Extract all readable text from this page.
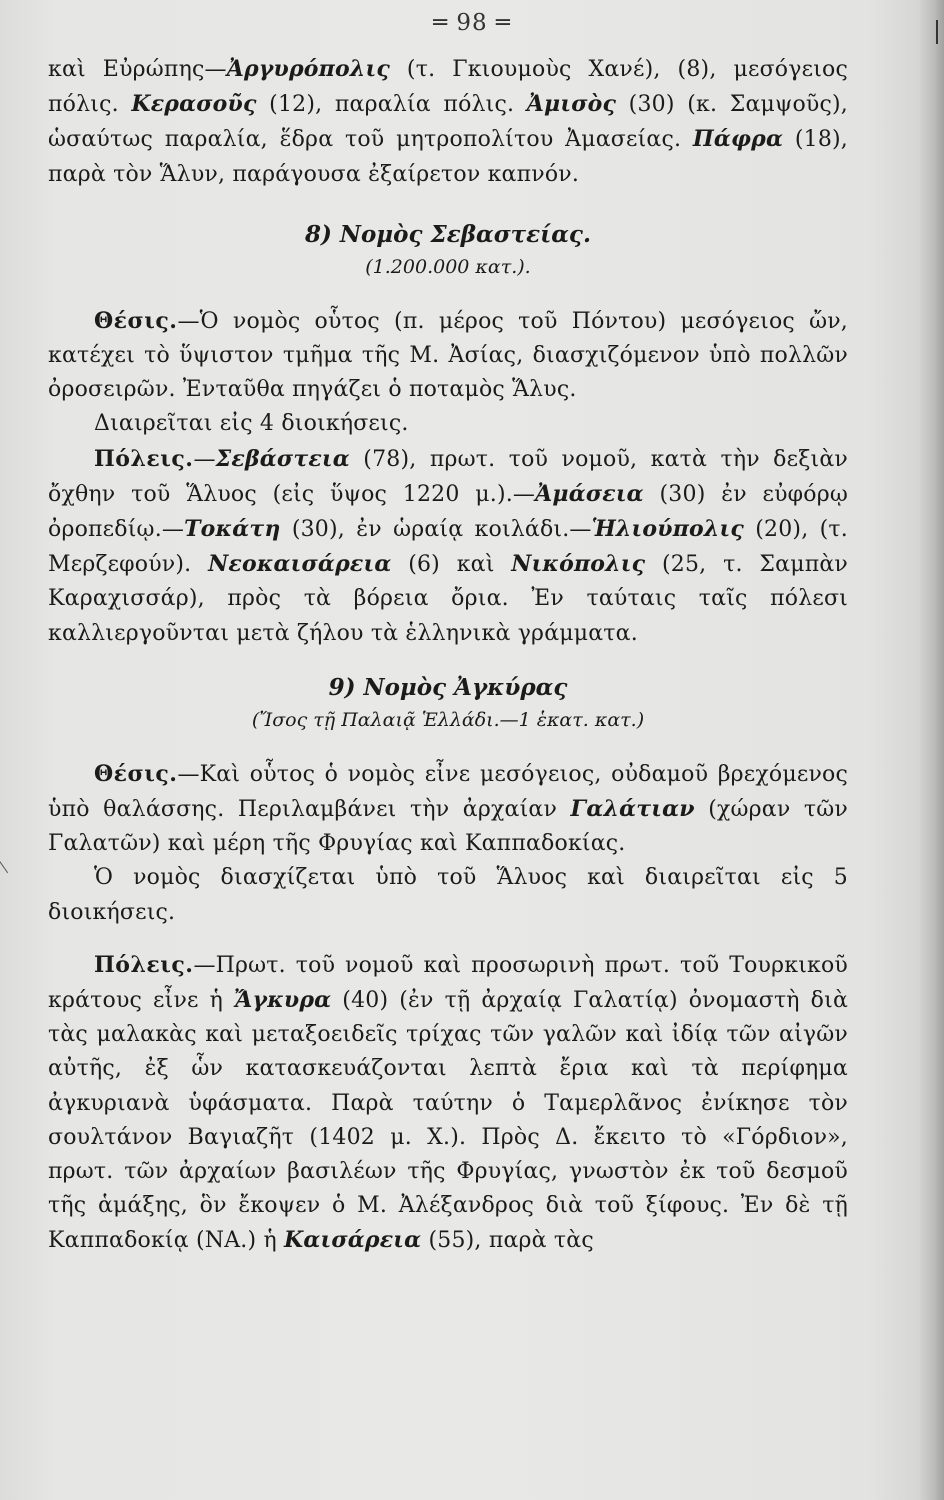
═ 98 ═

καὶ Εὐρώπης—Ἀργυρόπολις (τ. Γκιουμοὺς Χανέ), (8), μεσόγειος πόλις. Κερασοῦς (12), παραλία πόλις. Ἀμισὸς (30) (κ. Σαμψοῦς), ὡσαύτως παραλία, ἕδρα τοῦ μητροπολίτου Ἀμασείας. Πάφρα (18), παρὰ τὸν Ἅλυν, παράγουσα ἐξαίρετον καπνόν.

8) Νομὸς Σεβαστείας.
(1.200.000 κατ.).

Θέσις.—Ὁ νομὸς οὗτος (π. μέρος τοῦ Πόντου) μεσόγειος ὤν, κατέχει τὸ ὕψιστον τμῆμα τῆς Μ. Ἀσίας, διασχιζόμενον ὑπὸ πολλῶν ὀροσειρῶν. Ἐνταῦθα πηγάζει ὁ ποταμὸς Ἅλυς.

Διαιρεῖται εἰς 4 διοικήσεις.

Πόλεις.—Σεβάστεια (78), πρωτ. τοῦ νομοῦ, κατὰ τὴν δεξιὰν ὄχθην τοῦ Ἅλυος (εἰς ὕψος 1220 μ.).—Ἀμάσεια (30) ἐν εὐφόρῳ ὀροπεδίῳ.—Τοκάτη (30), ἐν ὡραίᾳ κοιλάδι.—Ἡλιούπολις (20), (τ. Μερζεφούν). Νεοκαισάρεια (6) καὶ Νικόπολις (25, τ. Σαμπὰν Καραχισσάρ), πρὸς τὰ βόρεια ὄρια. Ἐν ταύταις ταῖς πόλεσι καλλιεργοῦνται μετὰ ζήλου τὰ ἑλληνικὰ γράμματα.

9) Νομὸς Ἀγκύρας
(Ἴσος τῇ Παλαιᾷ Ἑλλάδι.—1 ἑκατ. κατ.)

Θέσις.—Καὶ οὗτος ὁ νομὸς εἶνε μεσόγειος, οὐδαμοῦ βρεχόμενος ὑπὸ θαλάσσης. Περιλαμβάνει τὴν ἀρχαίαν Γαλάτιαν (χώραν τῶν Γαλατῶν) καὶ μέρη τῆς Φρυγίας καὶ Καππαδοκίας.

Ὁ νομὸς διασχίζεται ὑπὸ τοῦ Ἅλυος καὶ διαιρεῖται εἰς 5 διοικήσεις.

Πόλεις.—Πρωτ. τοῦ νομοῦ καὶ προσωρινὴ πρωτ. τοῦ Τουρκικοῦ κράτους εἶνε ἡ Ἄγκυρα (40) (ἐν τῇ ἀρχαίᾳ Γαλατίᾳ) ὀνομαστὴ διὰ τὰς μαλακὰς καὶ μεταξοειδεῖς τρίχας τῶν γαλῶν καὶ ἰδίᾳ τῶν αἰγῶν αὐτῆς, ἐξ ὧν κατασκευάζονται λεπτὰ ἔρια καὶ τὰ περίφημα ἀγκυριανὰ ὑφάσματα. Παρὰ ταύτην ὁ Ταμερλᾶνος ἐνίκησε τὸν σουλτάνον Βαγιαζῆτ (1402 μ. Χ.). Πρὸς Δ. ἔκειτο τὸ «Γόρδιον», πρωτ. τῶν ἀρχαίων βασιλέων τῆς Φρυγίας, γνωστὸν ἐκ τοῦ δεσμοῦ τῆς ἁμάξης, ὃν ἔκοψεν ὁ Μ. Ἀλέξανδρος διὰ τοῦ ξίφους. Ἐν δὲ τῇ Καππαδοκίᾳ (ΝΑ.) ἡ Καισάρεια (55), παρὰ τὰς
